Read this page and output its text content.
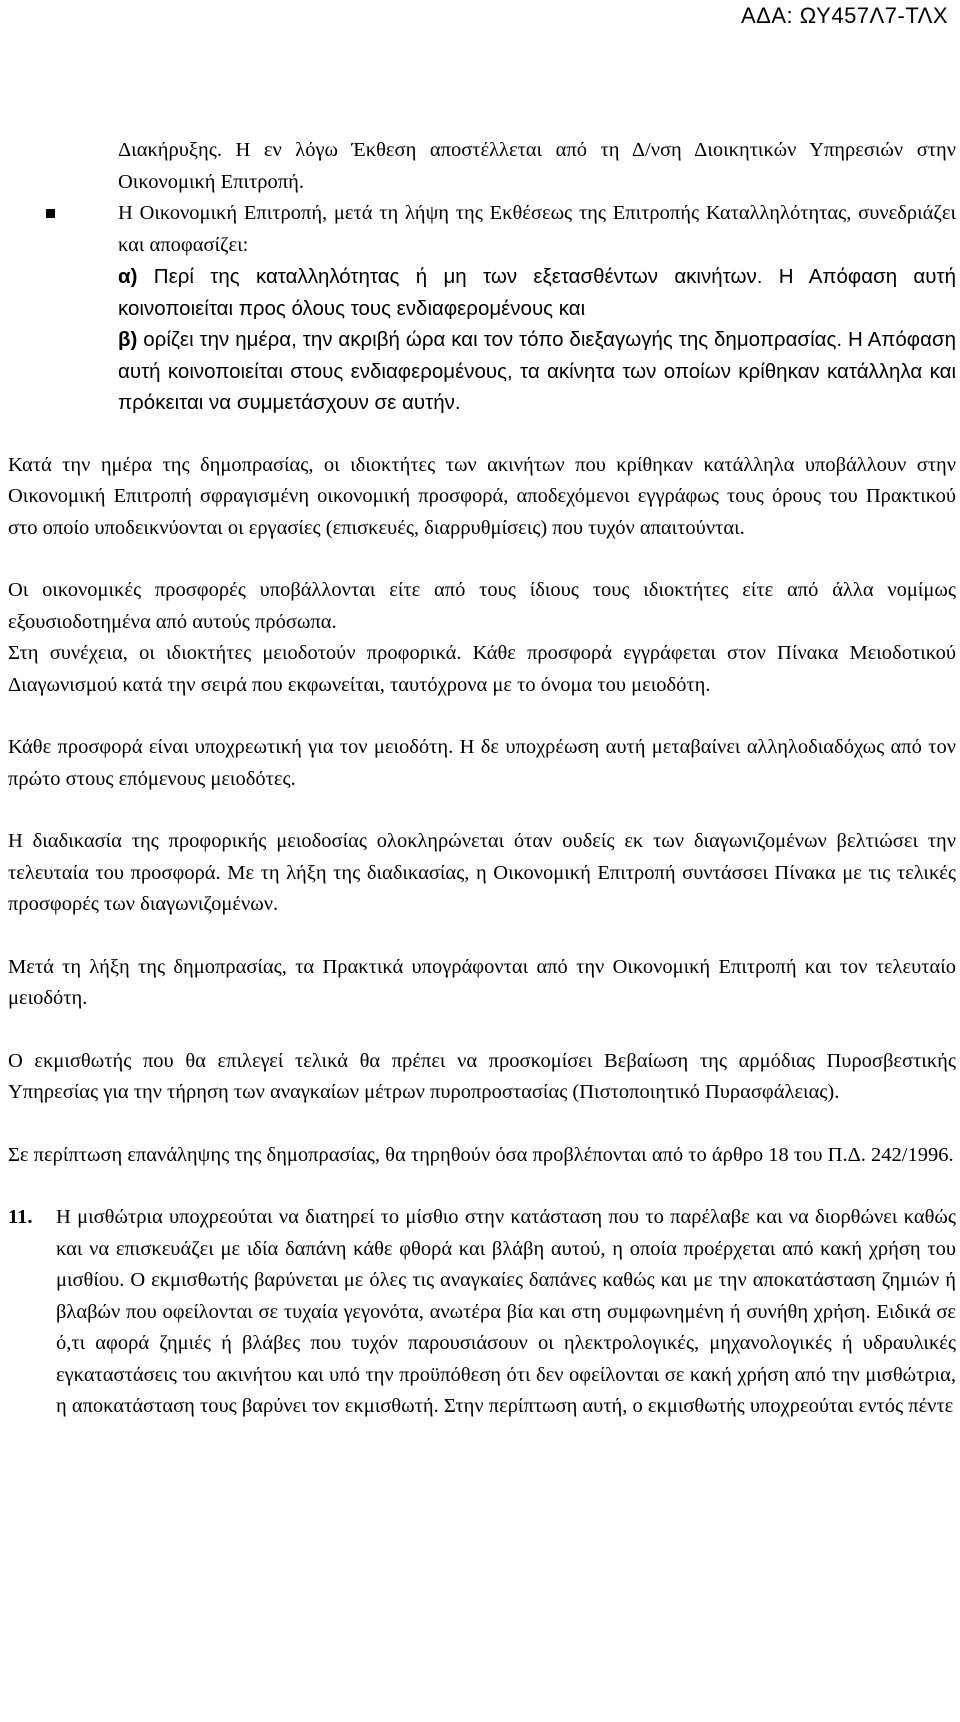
ΑΔΑ: ΩΥ457Λ7-ΤΛΧ

Διακήρυξης. Η εν λόγω Έκθεση αποστέλλεται από τη Δ/νση Διοικητικών Υπηρεσιών στην Οικονομική Επιτροπή.

Η Οικονομική Επιτροπή, μετά τη λήψη της Εκθέσεως της Επιτροπής Καταλληλότητας, συνεδριάζει και αποφασίζει:

α) Περί της καταλληλότητας ή μη των εξετασθέντων ακινήτων. Η Απόφαση αυτή κοινοποιείται προς όλους τους ενδιαφερομένους και

β) ορίζει την ημέρα, την ακριβή ώρα και τον τόπο διεξαγωγής της δημοπρασίας. Η Απόφαση αυτή κοινοποιείται στους ενδιαφερομένους, τα ακίνητα των οποίων κρίθηκαν κατάλληλα και πρόκειται να συμμετάσχουν σε αυτήν.

Κατά την ημέρα της δημοπρασίας, οι ιδιοκτήτες των ακινήτων που κρίθηκαν κατάλληλα υποβάλλουν στην Οικονομική Επιτροπή σφραγισμένη οικονομική προσφορά, αποδεχόμενοι εγγράφως τους όρους του Πρακτικού στο οποίο υποδεικνύονται οι εργασίες (επισκευές, διαρρυθμίσεις) που τυχόν απαιτούνται.

Οι οικονομικές προσφορές υποβάλλονται είτε από τους ίδιους τους ιδιοκτήτες είτε από άλλα νομίμως εξουσιοδοτημένα από αυτούς πρόσωπα.

Στη συνέχεια, οι ιδιοκτήτες μειοδοτούν προφορικά. Κάθε προσφορά εγγράφεται στον Πίνακα Μειοδοτικού Διαγωνισμού κατά την σειρά που εκφωνείται, ταυτόχρονα με το όνομα του μειοδότη.

Κάθε προσφορά είναι υποχρεωτική για τον μειοδότη. Η δε υποχρέωση αυτή μεταβαίνει αλληλοδιαδόχως από τον πρώτο στους επόμενους μειοδότες.

Η διαδικασία της προφορικής μειοδοσίας ολοκληρώνεται όταν ουδείς εκ των διαγωνιζομένων βελτιώσει την τελευταία του προσφορά. Με τη λήξη της διαδικασίας, η Οικονομική Επιτροπή συντάσσει Πίνακα με τις τελικές προσφορές των διαγωνιζομένων.

Μετά τη λήξη της δημοπρασίας, τα Πρακτικά υπογράφονται από την Οικονομική Επιτροπή και τον τελευταίο μειοδότη.

Ο εκμισθωτής που θα επιλεγεί τελικά θα πρέπει να προσκομίσει Βεβαίωση της αρμόδιας Πυροσβεστικής Υπηρεσίας για την τήρηση των αναγκαίων μέτρων πυροπροστασίας (Πιστοποιητικό Πυρασφάλειας).

Σε περίπτωση επανάληψης της δημοπρασίας, θα τηρηθούν όσα προβλέπονται από το άρθρο 18 του Π.Δ. 242/1996.

11. Η μισθώτρια υποχρεούται να διατηρεί το μίσθιο στην κατάσταση που το παρέλαβε και να διορθώνει καθώς και να επισκευάζει με ιδία δαπάνη κάθε φθορά και βλάβη αυτού, η οποία προέρχεται από κακή χρήση του μισθίου. Ο εκμισθωτής βαρύνεται με όλες τις αναγκαίες δαπάνες καθώς και με την αποκατάσταση ζημιών ή βλαβών που οφείλονται σε τυχαία γεγονότα, ανωτέρα βία και στη συμφωνημένη ή συνήθη χρήση. Ειδικά σε ό,τι αφορά ζημιές ή βλάβες που τυχόν παρουσιάσουν οι ηλεκτρολογικές, μηχανολογικές ή υδραυλικές εγκαταστάσεις του ακινήτου και υπό την προϋπόθεση ότι δεν οφείλονται σε κακή χρήση από την μισθώτρια, η αποκατάσταση τους βαρύνει τον εκμισθωτή. Στην περίπτωση αυτή, ο εκμισθωτής υποχρεούται εντός πέντε
